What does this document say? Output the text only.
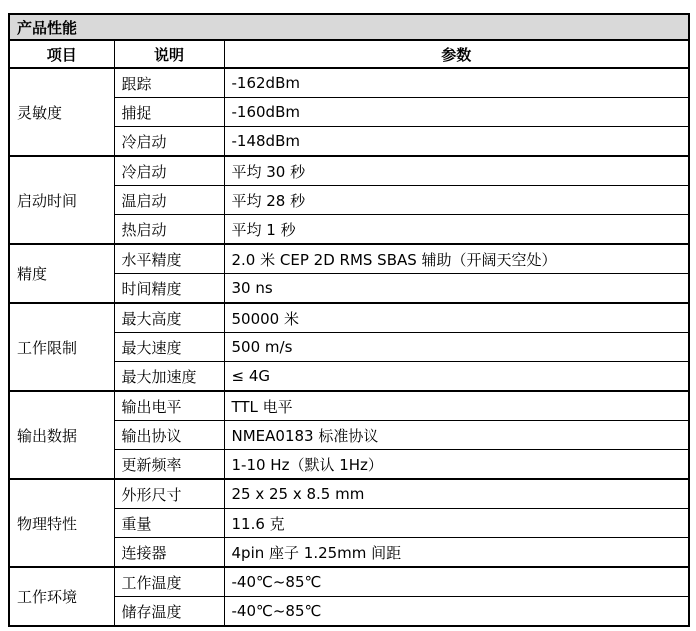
产品性能		
项目	说明	参数
灵敏度	跟踪	-162dBm
	捕捉	-160dBm
	冷启动	-148dBm
启动时间	冷启动	平均 30 秒
	温启动	平均 28 秒
	热启动	平均 1 秒
精度	水平精度	2.0 米 CEP 2D RMS SBAS 辅助（开阔天空处）
	时间精度	30 ns
工作限制	最大高度	50000 米
	最大速度	500 m/s
	最大加速度	≤ 4G
输出数据	输出电平	TTL 电平
	输出协议	NMEA0183 标准协议
	更新频率	1-10 Hz（默认 1Hz）
物理特性	外形尺寸	25 x 25 x 8.5 mm
	重量	11.6 克
	连接器	4pin 座子 1.25mm 间距
工作环境	工作温度	-40℃~85℃
	储存温度	-40℃~85℃
